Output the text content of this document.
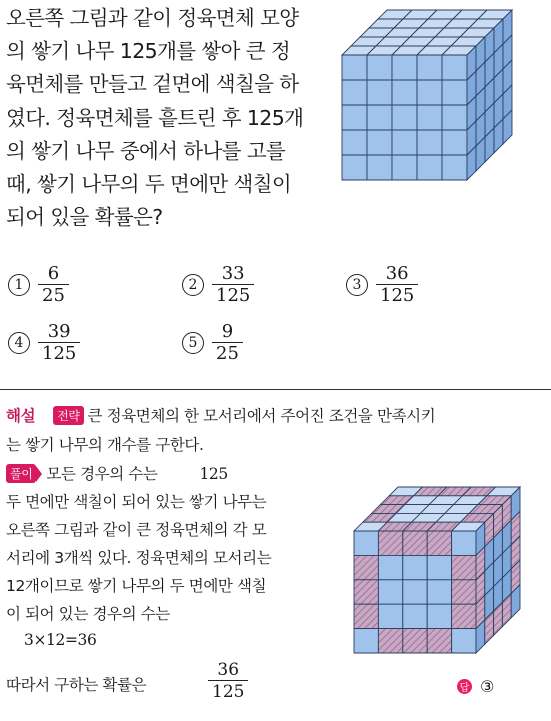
오른쪽 그림과 같이 정육면체 모양
의 쌓기 나무 125개를 쌓아 큰 정
육면체를 만들고 겉면에 색칠을 하
였다. 정육면체를 흩트린 후 125개
의 쌓기 나무 중에서 하나를 고를
때, 쌓기 나무의 두 면에만 색칠이
되어 있을 확률은?
$1 \frac{6}{25}$	$2 \frac{33}{125}$	$3 \frac{36}{125}$
$4 \frac{39}{125}$	$5 \frac{9}{25}$
해설 전략 큰 정육면체의 한 모서리에서 주어진 조건을 만족시키
는 쌓기 나무의 개수를 구한다.
풀이 모든 경우의 수는	125
두 면에만 색칠이 되어 있는 쌓기 나무는
오른쪽 그림과 같이 큰 정육면체의 각 모
서리에 3개씩 있다. 정육면체의 모서리는
12개이므로 쌓기 나무의 두 면에만 색칠
이 되어 있는 경우의 수는
3×12=36
따라서 구하는 확률은	$\frac{36}{125}$	답 ③
